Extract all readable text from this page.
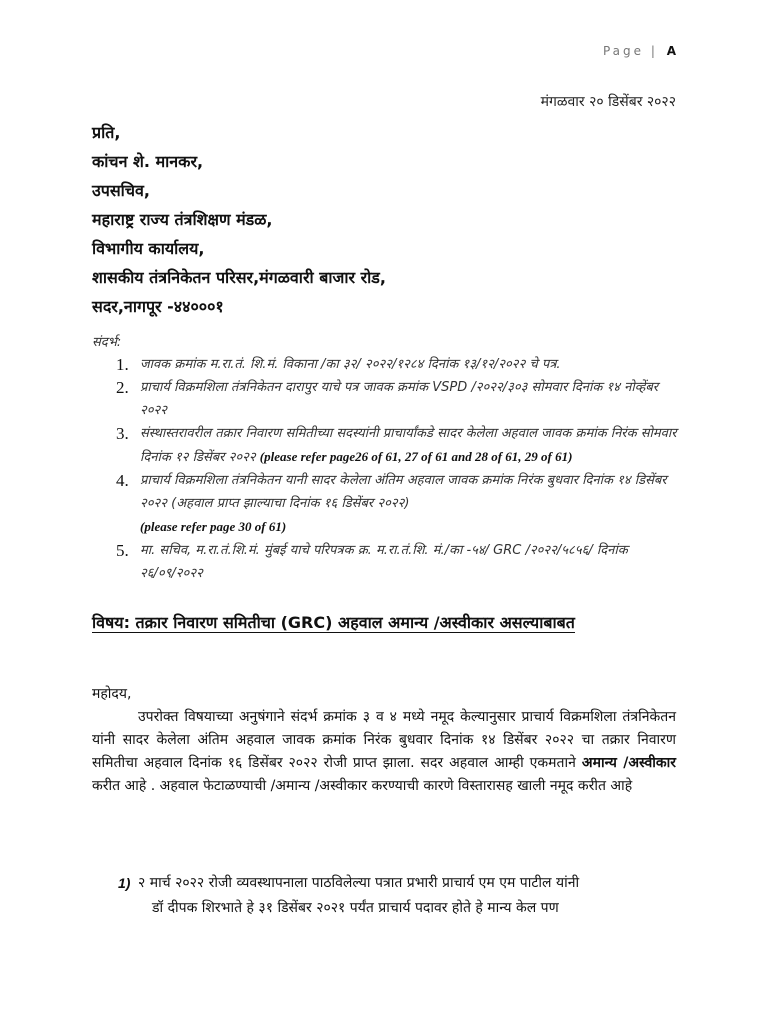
Page | A
मंगळवार २० डिसेंबर २०२२
प्रति,
कांचन शे. मानकर,
उपसचिव,
महाराष्ट्र राज्य तंत्रशिक्षण मंडळ,
विभागीय कार्यालय,
शासकीय तंत्रनिकेतन परिसर,मंगळवारी बाजार रोड,
सदर,नागपूर -४४०००१
संदर्भ:
1. जावक क्रमांक म.रा.तं. शि.मं. विकाना /का ३२/ २०२२/१२८४ दिनांक १३/१२/२०२२ चे पत्र.
2. प्राचार्य विक्रमशिला तंत्रनिकेतन दारापुर याचे पत्र जावक क्रमांक VSPD /२०२२/३०३ सोमवार दिनांक १४ नोव्हेंबर २०२२
3. संस्थास्तरावरील तक्रार निवारण समितीच्या सदस्यांनी प्राचार्यांकडे सादर केलेला अहवाल जावक क्रमांक निरंक सोमवार दिनांक १२ डिसेंबर २०२२ (please refer page26 of 61, 27 of 61 and 28 of 61, 29 of 61)
4. प्राचार्य विक्रमशिला तंत्रनिकेतन यानी सादर केलेला अंतिम अहवाल जावक क्रमांक निरंक बुधवार दिनांक १४ डिसेंबर २०२२ (अहवाल प्राप्त झाल्याचा दिनांक १६ डिसेंबर २०२२)
(please refer page 30 of 61)
5. मा. सचिव, म.रा.तं.शि.मं. मुंबई याचे परिपत्रक क्र. म.रा.तं.शि. मं./का -५४/ GRC /२०२२/५८५६/ दिनांक २६/०९/२०२२
विषय: तक्रार निवारण समितीचा (GRC) अहवाल अमान्य /अस्वीकार असल्याबाबत
महोदय,
उपरोक्त विषयाच्या अनुषंगाने संदर्भ क्रमांक ३ व ४ मध्ये नमूद केल्यानुसार प्राचार्य विक्रमशिला तंत्रनिकेतन यांनी सादर केलेला अंतिम अहवाल जावक क्रमांक निरंक बुधवार दिनांक १४ डिसेंबर २०२२ चा तक्रार निवारण समितीचा अहवाल दिनांक १६ डिसेंबर २०२२ रोजी प्राप्त झाला. सदर अहवाल आम्ही एकमताने अमान्य /अस्वीकार करीत आहे . अहवाल फेटाळण्याची /अमान्य /अस्वीकार करण्याची कारणे विस्तारासह खाली नमूद करीत आहे
1) २ मार्च २०२२ रोजी व्यवस्थापनाला पाठविलेल्या पत्रात प्रभारी प्राचार्य एम एम पाटील यांनी
डॉ दीपक शिरभाते हे ३१ डिसेंबर २०२१ पर्यंत प्राचार्य पदावर होते हे मान्य केल पण
